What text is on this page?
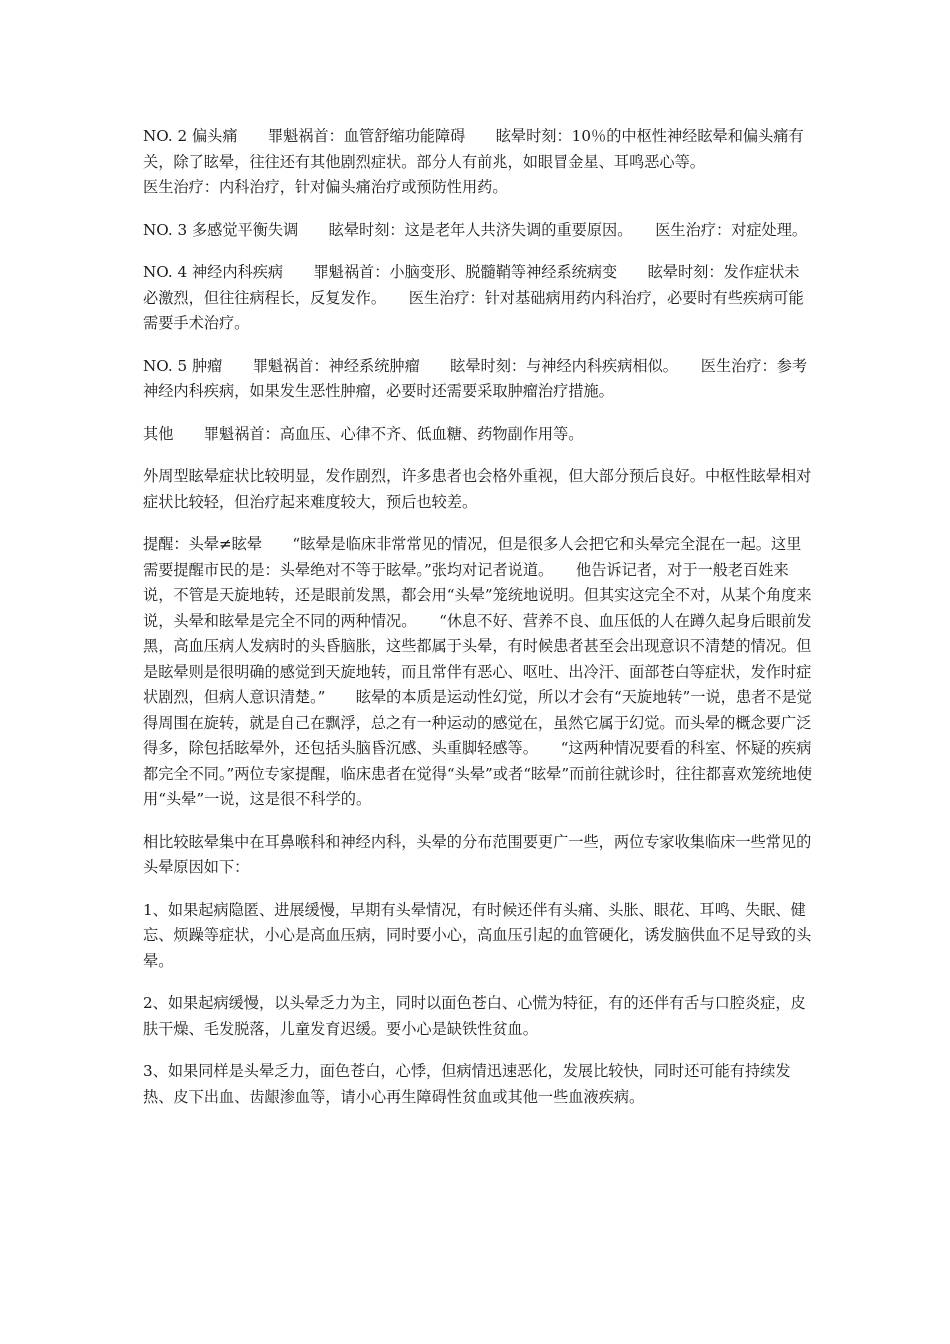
NO. 2 偏头痛　　罪魁祸首：血管舒缩功能障碍　　眩晕时刻：10％的中枢性神经眩晕和偏头痛有关，除了眩晕，往往还有其他剧烈症状。部分人有前兆，如眼冒金星、耳鸣恶心等。
医生治疗：内科治疗，针对偏头痛治疗或预防性用药。

NO. 3 多感觉平衡失调　　眩晕时刻：这是老年人共济失调的重要原因。　　医生治疗：对症处理。

NO. 4 神经内科疾病　　罪魁祸首：小脑变形、脱髓鞘等神经系统病变　　眩晕时刻：发作症状未必激烈，但往往病程长，反复发作。　　医生治疗：针对基础病用药内科治疗，必要时有些疾病可能需要手术治疗。

NO. 5 肿瘤　　罪魁祸首：神经系统肿瘤　　眩晕时刻：与神经内科疾病相似。　　医生治疗：参考神经内科疾病，如果发生恶性肿瘤，必要时还需要采取肿瘤治疗措施。

其他　　罪魁祸首：高血压、心律不齐、低血糖、药物副作用等。

外周型眩晕症状比较明显，发作剧烈，许多患者也会格外重视，但大部分预后良好。中枢性眩晕相对症状比较轻，但治疗起来难度较大，预后也较差。

提醒：头晕≠眩晕　　“眩晕是临床非常常见的情况，但是很多人会把它和头晕完全混在一起。这里需要提醒市民的是：头晕绝对不等于眩晕。”张均对记者说道。　　他告诉记者，对于一般老百姓来说，不管是天旋地转，还是眼前发黑，都会用“头晕”笼统地说明。但其实这完全不对，从某个角度来说，头晕和眩晕是完全不同的两种情况。　　“休息不好、营养不良、血压低的人在蹲久起身后眼前发黑，高血压病人发病时的头昏脑胀，这些都属于头晕，有时候患者甚至会出现意识不清楚的情况。但是眩晕则是很明确的感觉到天旋地转，而且常伴有恶心、呕吐、出冷汗、面部苍白等症状，发作时症状剧烈，但病人意识清楚。”　　眩晕的本质是运动性幻觉，所以才会有“天旋地转”一说，患者不是觉得周围在旋转，就是自己在飘浮，总之有一种运动的感觉在，虽然它属于幻觉。而头晕的概念要广泛得多，除包括眩晕外，还包括头脑昏沉感、头重脚轻感等。　　“这两种情况要看的科室、怀疑的疾病都完全不同。”两位专家提醒，临床患者在觉得“头晕”或者“眩晕”而前往就诊时，往往都喜欢笼统地使用“头晕”一说，这是很不科学的。

相比较眩晕集中在耳鼻喉科和神经内科，头晕的分布范围要更广一些，两位专家收集临床一些常见的头晕原因如下：

1、如果起病隐匿、进展缓慢，早期有头晕情况，有时候还伴有头痛、头胀、眼花、耳鸣、失眠、健忘、烦躁等症状，小心是高血压病，同时要小心，高血压引起的血管硬化，诱发脑供血不足导致的头晕。

2、如果起病缓慢，以头晕乏力为主，同时以面色苍白、心慌为特征，有的还伴有舌与口腔炎症，皮肤干燥、毛发脱落，儿童发育迟缓。要小心是缺铁性贫血。

3、如果同样是头晕乏力，面色苍白，心悸，但病情迅速恶化，发展比较快，同时还可能有持续发热、皮下出血、齿龈渗血等，请小心再生障碍性贫血或其他一些血液疾病。
